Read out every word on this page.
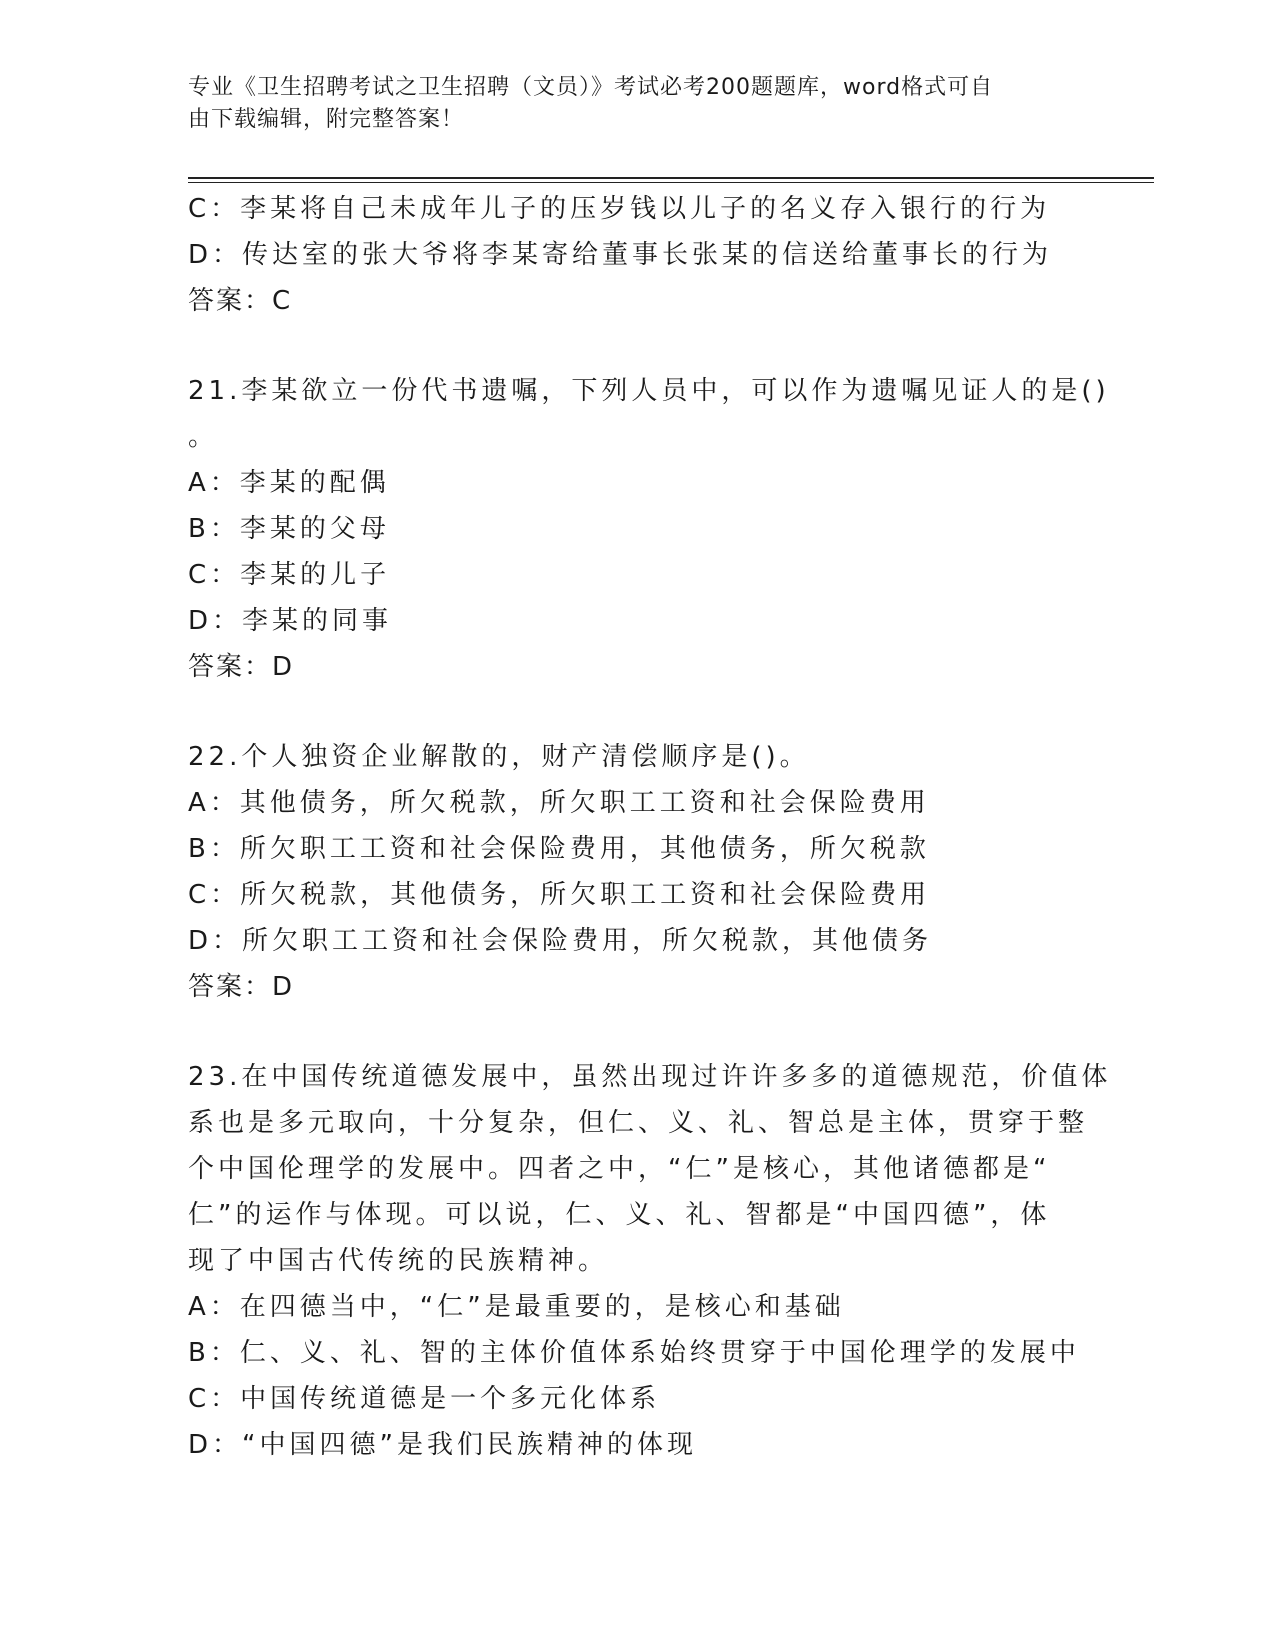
专业《卫生招聘考试之卫生招聘（文员）》考试必考200题题库，word格式可自
由下载编辑，附完整答案！
C：李某将自己未成年儿子的压岁钱以儿子的名义存入银行的行为
D：传达室的张大爷将李某寄给董事长张某的信送给董事长的行为
答案：C
21.李某欲立一份代书遗嘱，下列人员中，可以作为遗嘱见证人的是()
。
A：李某的配偶
B：李某的父母
C：李某的儿子
D：李某的同事
答案：D
22.个人独资企业解散的，财产清偿顺序是()。
A：其他债务，所欠税款，所欠职工工资和社会保险费用
B：所欠职工工资和社会保险费用，其他债务，所欠税款
C：所欠税款，其他债务，所欠职工工资和社会保险费用
D：所欠职工工资和社会保险费用，所欠税款，其他债务
答案：D
23.在中国传统道德发展中，虽然出现过许许多多的道德规范，价值体
系也是多元取向，十分复杂，但仁、义、礼、智总是主体，贯穿于整
个中国伦理学的发展中。四者之中，“仁”是核心，其他诸德都是“
仁”的运作与体现。可以说，仁、义、礼、智都是“中国四德”，体
现了中国古代传统的民族精神。
A：在四德当中，“仁”是最重要的，是核心和基础
B：仁、义、礼、智的主体价值体系始终贯穿于中国伦理学的发展中
C：中国传统道德是一个多元化体系
D：“中国四德”是我们民族精神的体现
